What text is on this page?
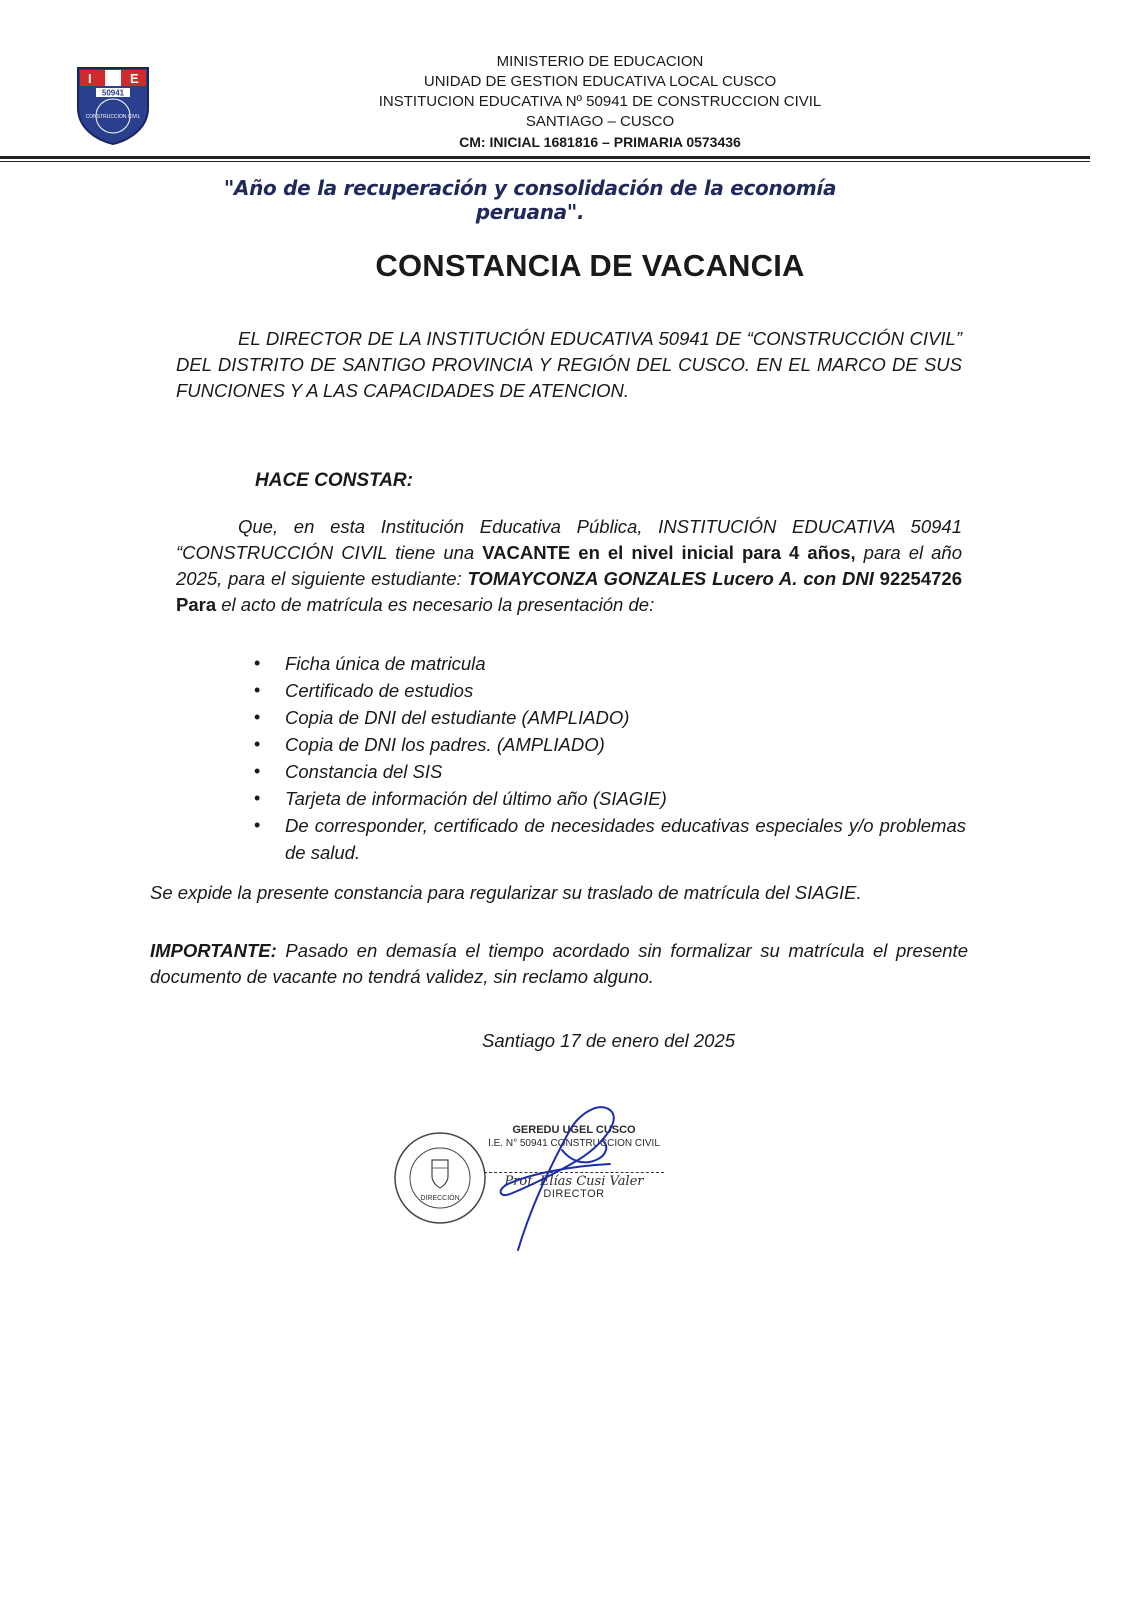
I	E
50941
CONSTRUCCION CIVIL
MINISTERIO DE EDUCACION
UNIDAD DE GESTION EDUCATIVA LOCAL CUSCO
INSTITUCION EDUCATIVA Nº 50941 DE CONSTRUCCION CIVIL
SANTIAGO – CUSCO
CM: INICIAL 1681816 – PRIMARIA 0573436
"Año de la recuperación y consolidación de la economía peruana".
CONSTANCIA DE VACANCIA
EL DIRECTOR DE LA INSTITUCIÓN EDUCATIVA 50941 DE “CONSTRUCCIÓN CIVIL” DEL DISTRITO DE SANTIGO PROVINCIA Y REGIÓN DEL CUSCO. EN EL MARCO DE SUS FUNCIONES Y A LAS CAPACIDADES DE ATENCION.
HACE CONSTAR:
Que, en esta Institución Educativa Pública, INSTITUCIÓN EDUCATIVA 50941 “CONSTRUCCIÓN CIVIL tiene una VACANTE en el nivel inicial para 4 años, para el año 2025, para el siguiente estudiante: TOMAYCONZA GONZALES Lucero A. con DNI 92254726 Para el acto de matrícula es necesario la presentación de:
• Ficha única de matricula
• Certificado de estudios
• Copia de DNI del estudiante (AMPLIADO)
• Copia de DNI los padres. (AMPLIADO)
• Constancia del SIS
• Tarjeta de información del último año (SIAGIE)
• De corresponder, certificado de necesidades educativas especiales y/o problemas de salud.
Se expide la presente constancia para regularizar su traslado de matrícula del SIAGIE.
IMPORTANTE: Pasado en demasía el tiempo acordado sin formalizar su matrícula el presente documento de vacante no tendrá validez, sin reclamo alguno.
Santiago 17 de enero del 2025
DIRECCIÓN
GEREDU UGEL CUSCO
I.E. N° 50941 CONSTRUCCION CIVIL
Prof. Elías Cusi Valer
DIRECTOR
